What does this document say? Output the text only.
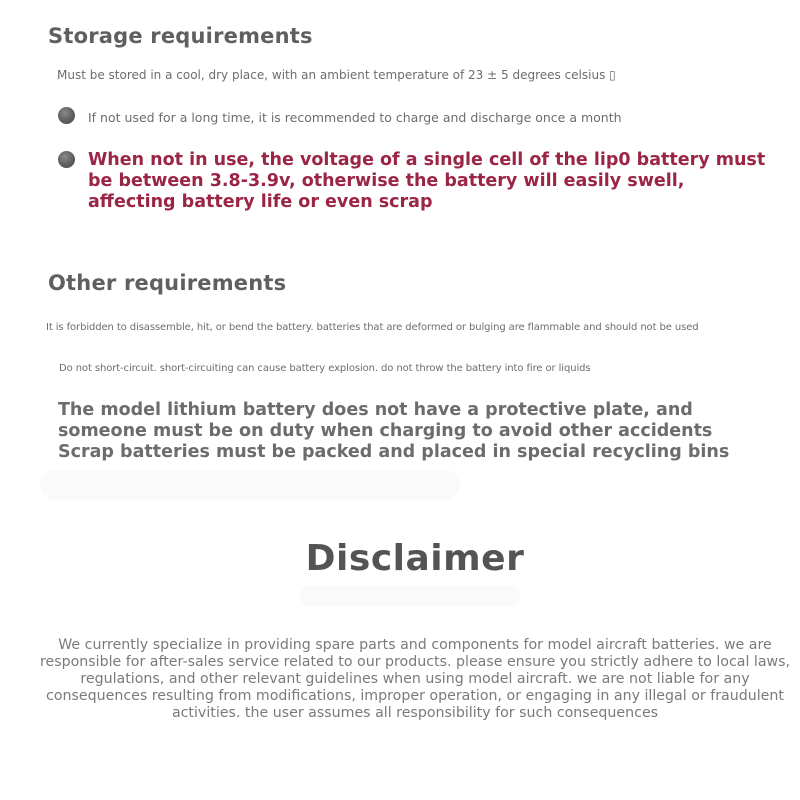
Storage requirements
Must be stored in a cool, dry place, with an ambient temperature of 23 ± 5 degrees celsius ▯
If not used for a long time, it is recommended to charge and discharge once a month
When not in use, the voltage of a single cell of the lip0 battery must be between 3.8-3.9v, otherwise the battery will easily swell, affecting battery life or even scrap
Other requirements
It is forbidden to disassemble, hit, or bend the battery. batteries that are deformed or bulging are flammable and should not be used
Do not short-circuit. short-circuiting can cause battery explosion. do not throw the battery into fire or liquids
The model lithium battery does not have a protective plate, and someone must be on duty when charging to avoid other accidents Scrap batteries must be packed and placed in special recycling bins
Disclaimer
We currently specialize in providing spare parts and components for model aircraft batteries. we are responsible for after-sales service related to our products. please ensure you strictly adhere to local laws, regulations, and other relevant guidelines when using model aircraft. we are not liable for any consequences resulting from modifications, improper operation, or engaging in any illegal or fraudulent activities. the user assumes all responsibility for such consequences
